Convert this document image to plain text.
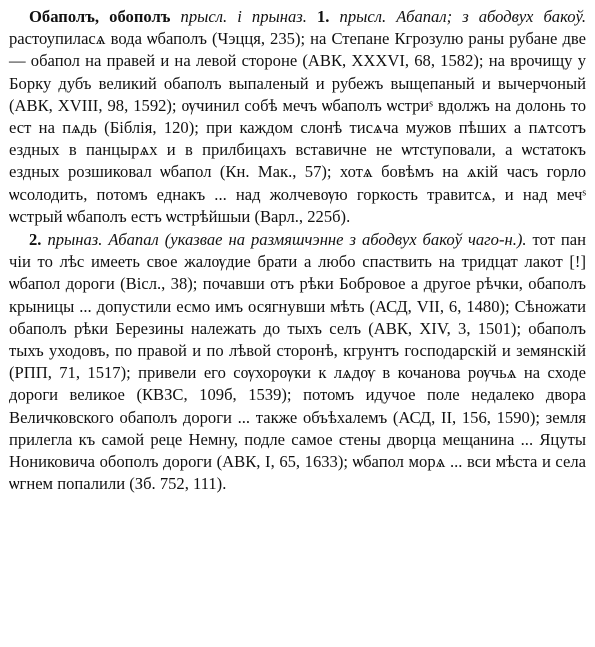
Обаполъ, обополъ прысл. і прыназ. 1. прысл. Абапал; з абодвух бакоў. растоупиласѧ вода ѡбаполъ (Чэцця, 235); на Степане Кгрозулю раны рубане две — обапол на правей и на левой стороне (АВК, XXXVI, 68, 1582); на врочищу у Борку дубъ великий обаполъ выпаленый и рубежъ выщепаный и вычерчоный (АВК, XVIII, 98, 1592); ѹчинил собѣ мечъ ѡбаполъ ѡстриˢ вдолжъ на долонь то ест на пѧдь (Біблія, 120); при каждом слонѣ тисѧча мужов пѣших а пѧтсотъ ездных в панцырѧх и в прилбицахъ вставичне не ѡтступовали, а ѡстатокъ ездных розшиковал ѡбапол (Кн. Мак., 57); хотѧ бовѣмъ на ѧкій часъ горло ѡсолодить, потомъ еднакъ ... над жолчевѹю горкость травитсѧ, и над мечˢ ѡстрый ѡбаполъ естъ ѡстрѣйшыи (Варл., 225б).

2. прыназ. Абапал (указвае на размяшчэнне з абодвух бакоў чаго-н.). тот пан чіи то лѣс имееть свое жалѹдие брати а любо спаствить на тридцат лакот [!] ѡбапол дороги (Вісл., 38); почавши отъ рѣки Бобровое а другое рѣчки, обаполъ крыницы ... допустили есмо имъ осягнувши мѣть (АСД, VII, 6, 1480); Сѣножати обаполъ рѣки Березины належать до тыхъ селъ (АВК, XIV, 3, 1501); обаполъ тыхъ уходовъ, по правой и по лѣвой сторонѣ, кгрунтъ господарскій и земянскій (РПП, 71, 1517); привели его сѹхорѹки к лѧдѹ в кочанова рѹчьѧ на сходе дороги великое (КВЗС, 109б, 1539); потомъ идучое поле недалеко двора Величковского обаполъ дороги ... также объѣхалемъ (АСД, II, 156, 1590); земля прилегла къ самой реце Немну, подле самое стены дворца мещанина ... Яцуты Нониковича обополъ дороги (АВК, I, 65, 1633); ѡбапол морѧ ... вси мѣста и села ѡгнем попалили (Зб. 752, 111).
